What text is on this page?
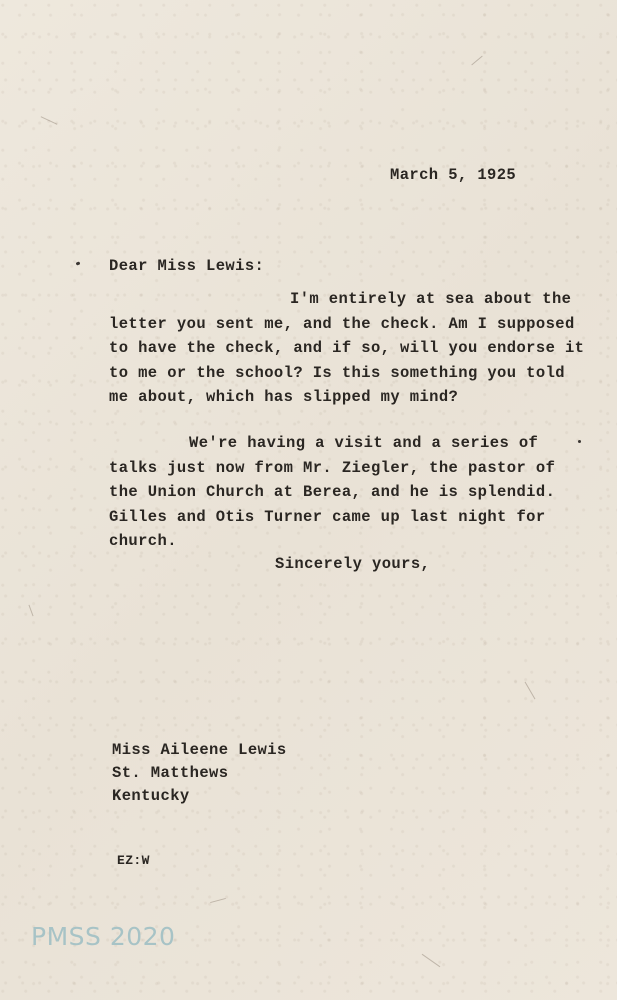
March 5, 1925
Dear Miss Lewis:
I'm entirely at sea about the letter you sent me, and the check. Am I supposed to have the check, and if so, will you endorse it to me or the school? Is this something you told me about, which has slipped my mind?
We're having a visit and a series of talks just now from Mr. Ziegler, the pastor of the Union Church at Berea, and he is splendid. Gilles and Otis Turner came up last night for church.
Sincerely yours,
Miss Aileene Lewis
St. Matthews
Kentucky
EZ:W
PMSS 2020
